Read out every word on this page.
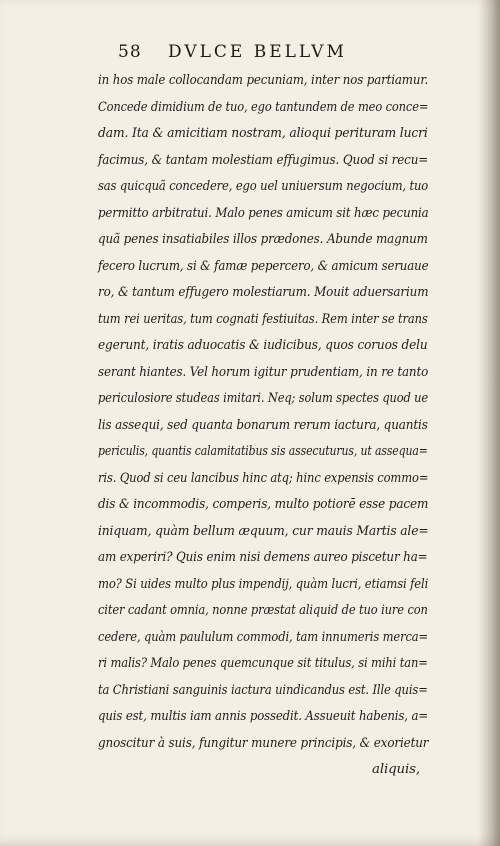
58 DVLCE BELLVM
in hos male collocandam pecuniam, inter nos partiamur.
Concede dimidium de tuo, ego tantundem de meo conce=
dam. Ita & amicitiam nostram, alioqui perituram lucri
facimus, & tantam molestiam effugimus. Quod si recu=
sas quicquã concedere, ego uel uniuersum negocium, tuo
permitto arbitratui. Malo penes amicum sit hæc pecunia
quã penes insatiabiles illos prædones. Abunde magnum
fecero lucrum, si & famæ pepercero, & amicum seruaue
ro, & tantum effugero molestiarum. Mouit aduersarium
tum rei ueritas, tum cognati festiuitas. Rem inter se trans
egerunt, iratis aduocatis & iudicibus, quos coruos delu
serant hiantes. Vel horum igitur prudentiam, in re tanto
periculosiore studeas imitari. Neq; solum spectes quod ue
lis assequi, sed quanta bonarum rerum iactura, quantis
periculis, quantis calamitatibus sis assecuturus, ut assequa=
ris. Quod si ceu lancibus hinc atq; hinc expensis commo=
dis & incommodis, comperis, multo potiorē esse pacem
iniquam, quàm bellum æquum, cur mauis Martis ale=
am experiri? Quis enim nisi demens aureo piscetur ha=
mo? Si uides multo plus impendij, quàm lucri, etiamsi feli
citer cadant omnia, nonne præstat aliquid de tuo iure con
cedere, quàm paululum commodi, tam innumeris merca=
ri malis? Malo penes quemcunque sit titulus, si mihi tan=
ta Christiani sanguinis iactura uindicandus est. Ille quis=
quis est, multis iam annis possedit. Assueuit habenis, a=
gnoscitur à suis, fungitur munere principis, & exorietur
aliquis,
